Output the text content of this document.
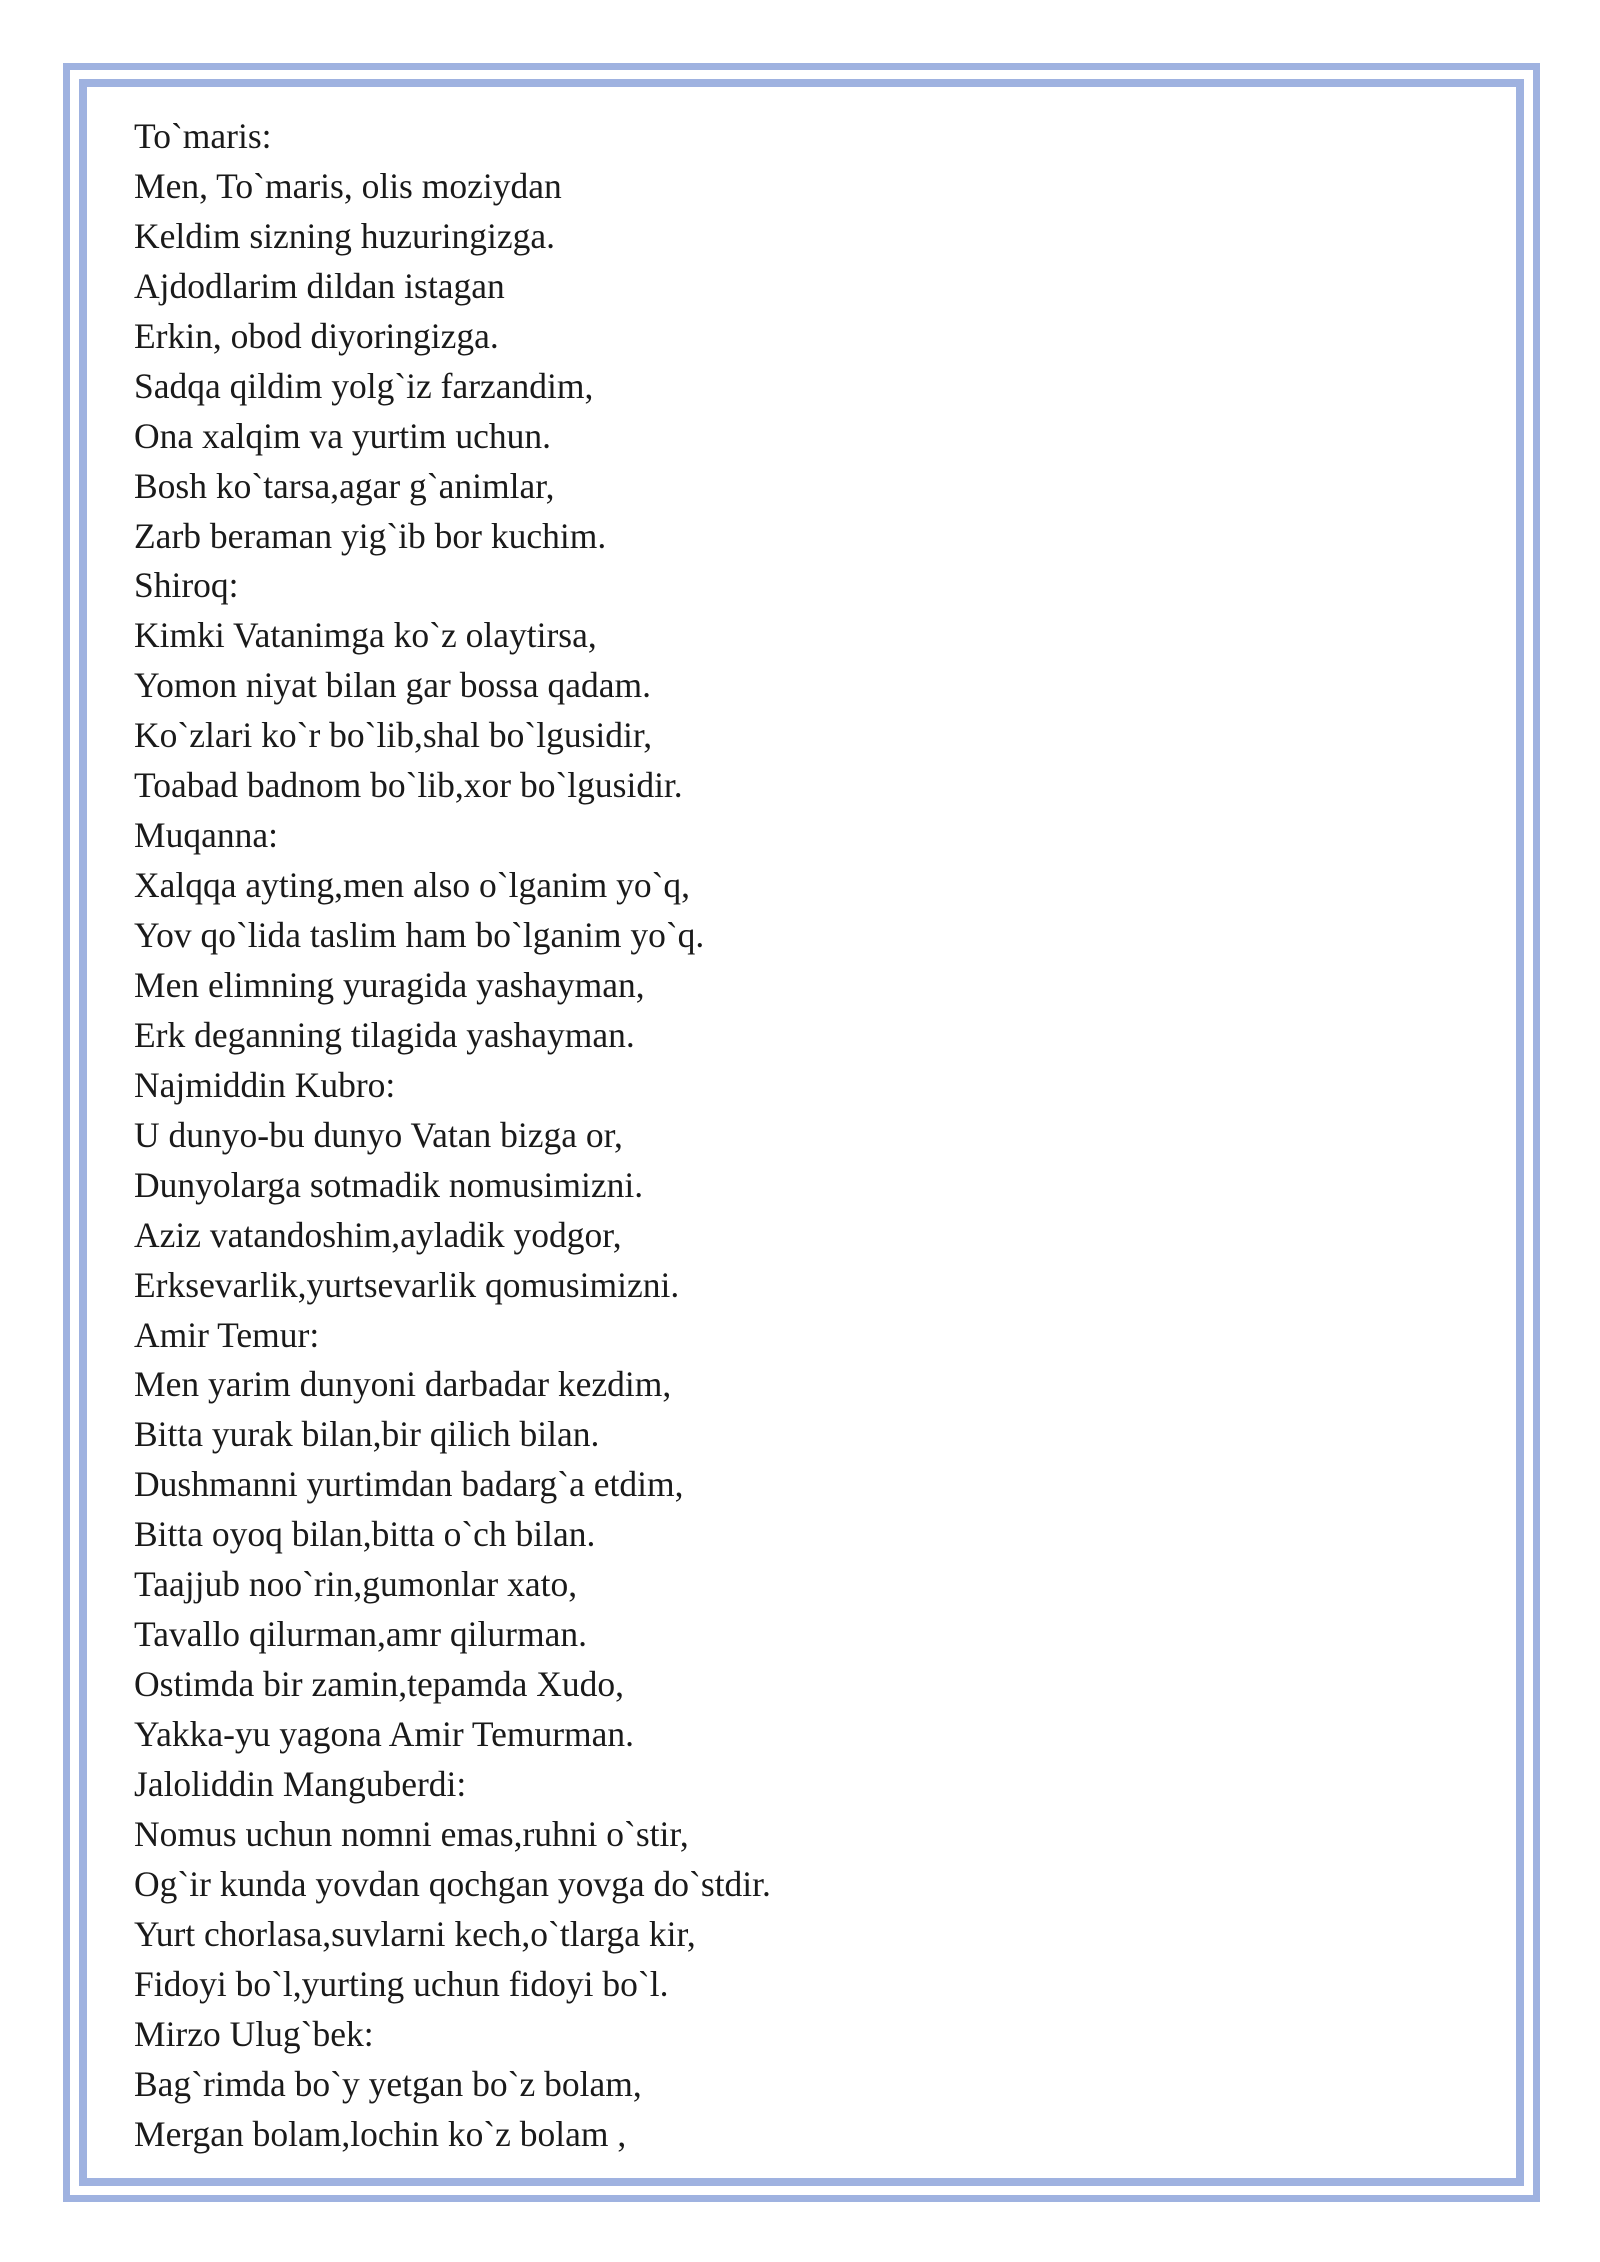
To`maris:
Men, To`maris, olis moziydan
Keldim sizning huzuringizga.
Ajdodlarim dildan istagan
Erkin, obod diyoringizga.
Sadqa qildim yolg`iz farzandim,
Ona xalqim va yurtim uchun.
Bosh ko`tarsa,agar g`animlar,
Zarb beraman yig`ib bor kuchim.
Shiroq:
Kimki Vatanimga ko`z olaytirsa,
Yomon niyat bilan gar bossa qadam.
Ko`zlari ko`r bo`lib,shal bo`lgusidir,
Toabad badnom bo`lib,xor bo`lgusidir.
Muqanna:
Xalqqa ayting,men also o`lganim yo`q,
Yov qo`lida taslim ham bo`lganim yo`q.
Men elimning yuragida yashayman,
Erk deganning tilagida yashayman.
Najmiddin Kubro:
U dunyo-bu dunyo Vatan bizga or,
Dunyolarga sotmadik nomusimizni.
Aziz vatandoshim,ayladik yodgor,
Erksevarlik,yurtsevarlik qomusimizni.
Amir Temur:
Men yarim dunyoni darbadar kezdim,
Bitta yurak bilan,bir qilich bilan.
Dushmanni yurtimdan badarg`a etdim,
Bitta oyoq bilan,bitta o`ch bilan.
Taajjub noo`rin,gumonlar xato,
Tavallo qilurman,amr qilurman.
Ostimda bir zamin,tepamda Xudo,
Yakka-yu yagona Amir Temurman.
Jaloliddin Manguberdi:
Nomus uchun nomni emas,ruhni o`stir,
Og`ir kunda yovdan qochgan yovga do`stdir.
Yurt chorlasa,suvlarni kech,o`tlarga kir,
Fidoyi bo`l,yurting uchun fidoyi bo`l.
Mirzo Ulug`bek:
Bag`rimda bo`y yetgan bo`z bolam,
Mergan bolam,lochin ko`z bolam ,
